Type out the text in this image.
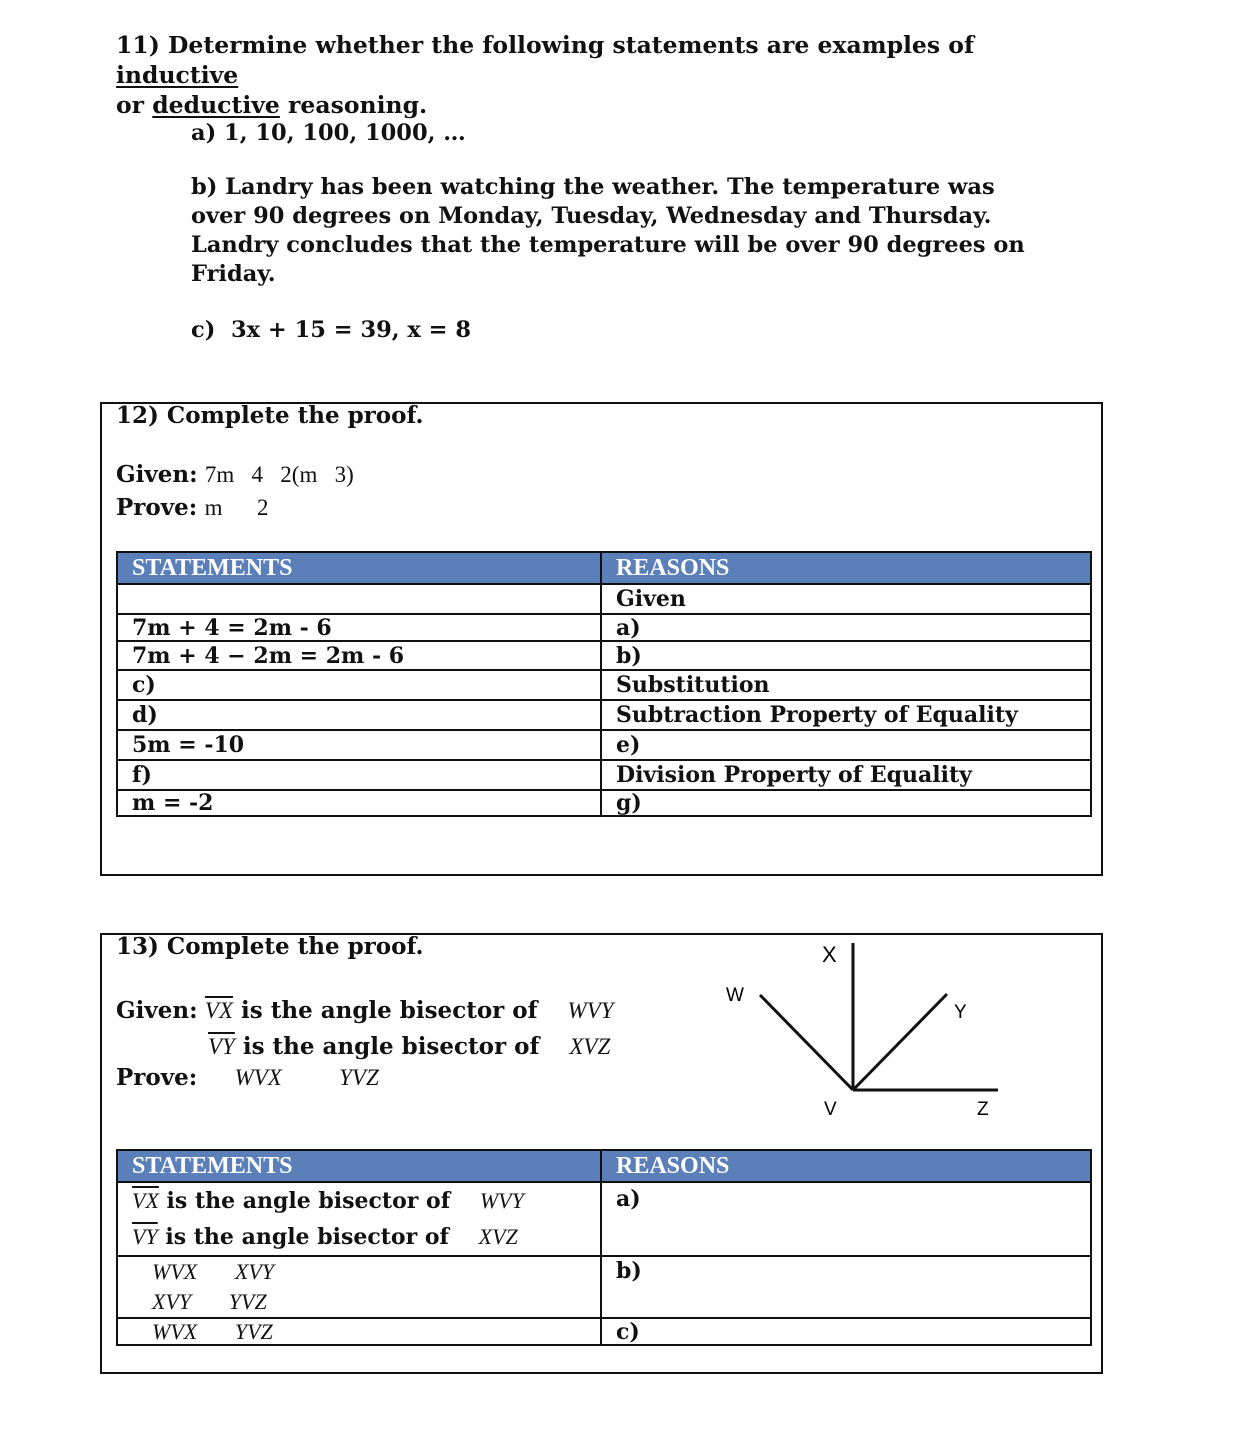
11) Determine whether the following statements are examples of inductive
or deductive reasoning.
a) 1, 10, 100, 1000, …
b) Landry has been watching the weather. The temperature was over 90 degrees on Monday, Tuesday, Wednesday and Thursday. Landry concludes that the temperature will be over 90 degrees on Friday.
c) 3x + 15 = 39, x = 8
12) Complete the proof.
Given: 7m   4   2(m   3)
Prove: m      2
STATEMENTS	REASONS
	Given
7m + 4 = 2m - 6	a)
7m + 4 − 2m = 2m - 6	b)
c)	Substitution
d)	Subtraction Property of Equality
5m = -10	e)
f)	Division Property of Equality
m = -2	g)
13) Complete the proof.
Given: $\overline{VX}$ is the angle bisector of WVY
$\overline{VY}$ is the angle bisector of XVZ
Prove: WVX YVZ
W
X
Y
V	Z
STATEMENTS	REASONS

$\overline{VX}$ is the angle bisector of WVY
$\overline{VY}$ is the angle bisector of XVZ	a)

WVX XVY
XVY YVZ	b)
WVX YVZ	c)
